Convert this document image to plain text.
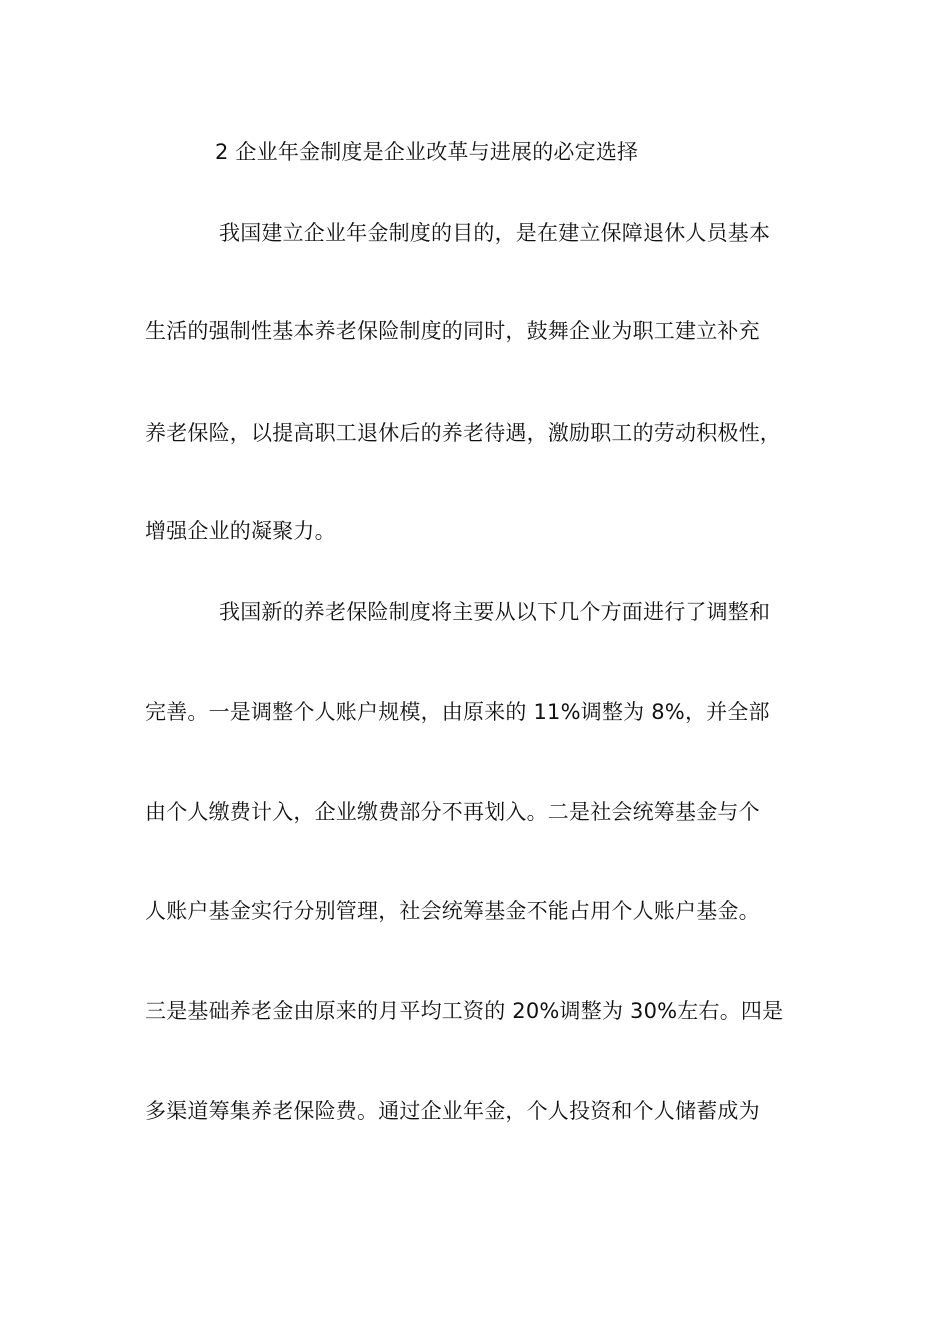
2 企业年金制度是企业改革与进展的必定选择
我国建立企业年金制度的目的，是在建立保障退休人员基本
生活的强制性基本养老保险制度的同时，鼓舞企业为职工建立补充
养老保险，以提高职工退休后的养老待遇，激励职工的劳动积极性，
增强企业的凝聚力。
我国新的养老保险制度将主要从以下几个方面进行了调整和
完善。一是调整个人账户规模，由原来的 11%调整为 8%，并全部
由个人缴费计入，企业缴费部分不再划入。二是社会统筹基金与个
人账户基金实行分别管理，社会统筹基金不能占用个人账户基金。
三是基础养老金由原来的月平均工资的 20%调整为 30%左右。四是
多渠道筹集养老保险费。通过企业年金，个人投资和个人储蓄成为
